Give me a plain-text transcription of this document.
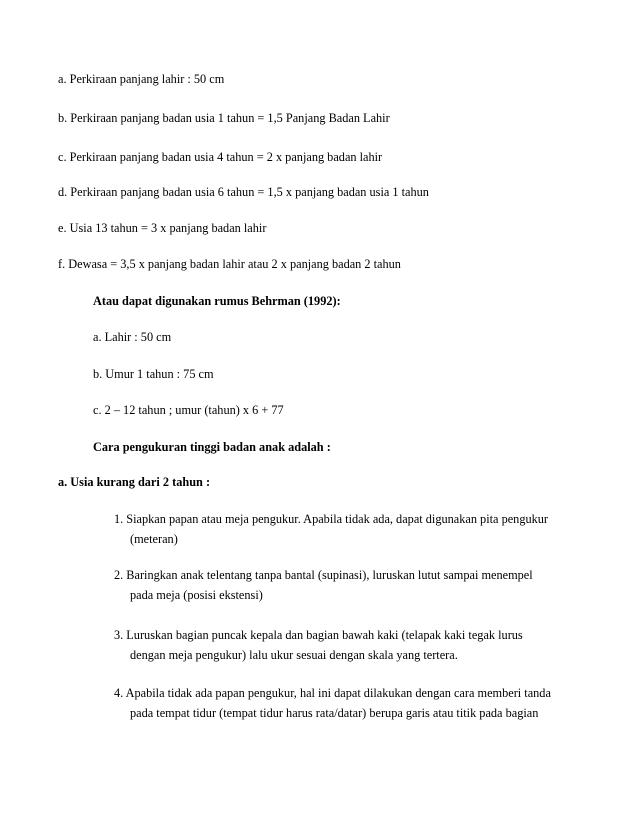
a. Perkiraan panjang lahir : 50 cm
b. Perkiraan panjang badan usia 1 tahun = 1,5 Panjang Badan Lahir
c. Perkiraan panjang badan usia 4 tahun = 2 x panjang badan lahir
d. Perkiraan panjang badan usia 6 tahun = 1,5 x panjang badan usia 1 tahun
e. Usia 13 tahun = 3 x panjang badan lahir
f. Dewasa = 3,5 x panjang badan lahir atau 2 x panjang badan 2 tahun
Atau dapat digunakan rumus Behrman (1992):
a. Lahir : 50 cm
b. Umur 1 tahun : 75 cm
c. 2 – 12 tahun ; umur (tahun) x 6 + 77
Cara pengukuran tinggi badan anak adalah :
a. Usia kurang dari 2 tahun :
1. Siapkan papan atau meja pengukur. Apabila tidak ada, dapat digunakan pita pengukur
(meteran)
2. Baringkan anak telentang tanpa bantal (supinasi), luruskan lutut sampai menempel
pada meja (posisi ekstensi)
3. Luruskan bagian puncak kepala dan bagian bawah kaki (telapak kaki tegak lurus
dengan meja pengukur) lalu ukur sesuai dengan skala yang tertera.
4. Apabila tidak ada papan pengukur, hal ini dapat dilakukan dengan cara memberi tanda
pada tempat tidur (tempat tidur harus rata/datar) berupa garis atau titik pada bagian
